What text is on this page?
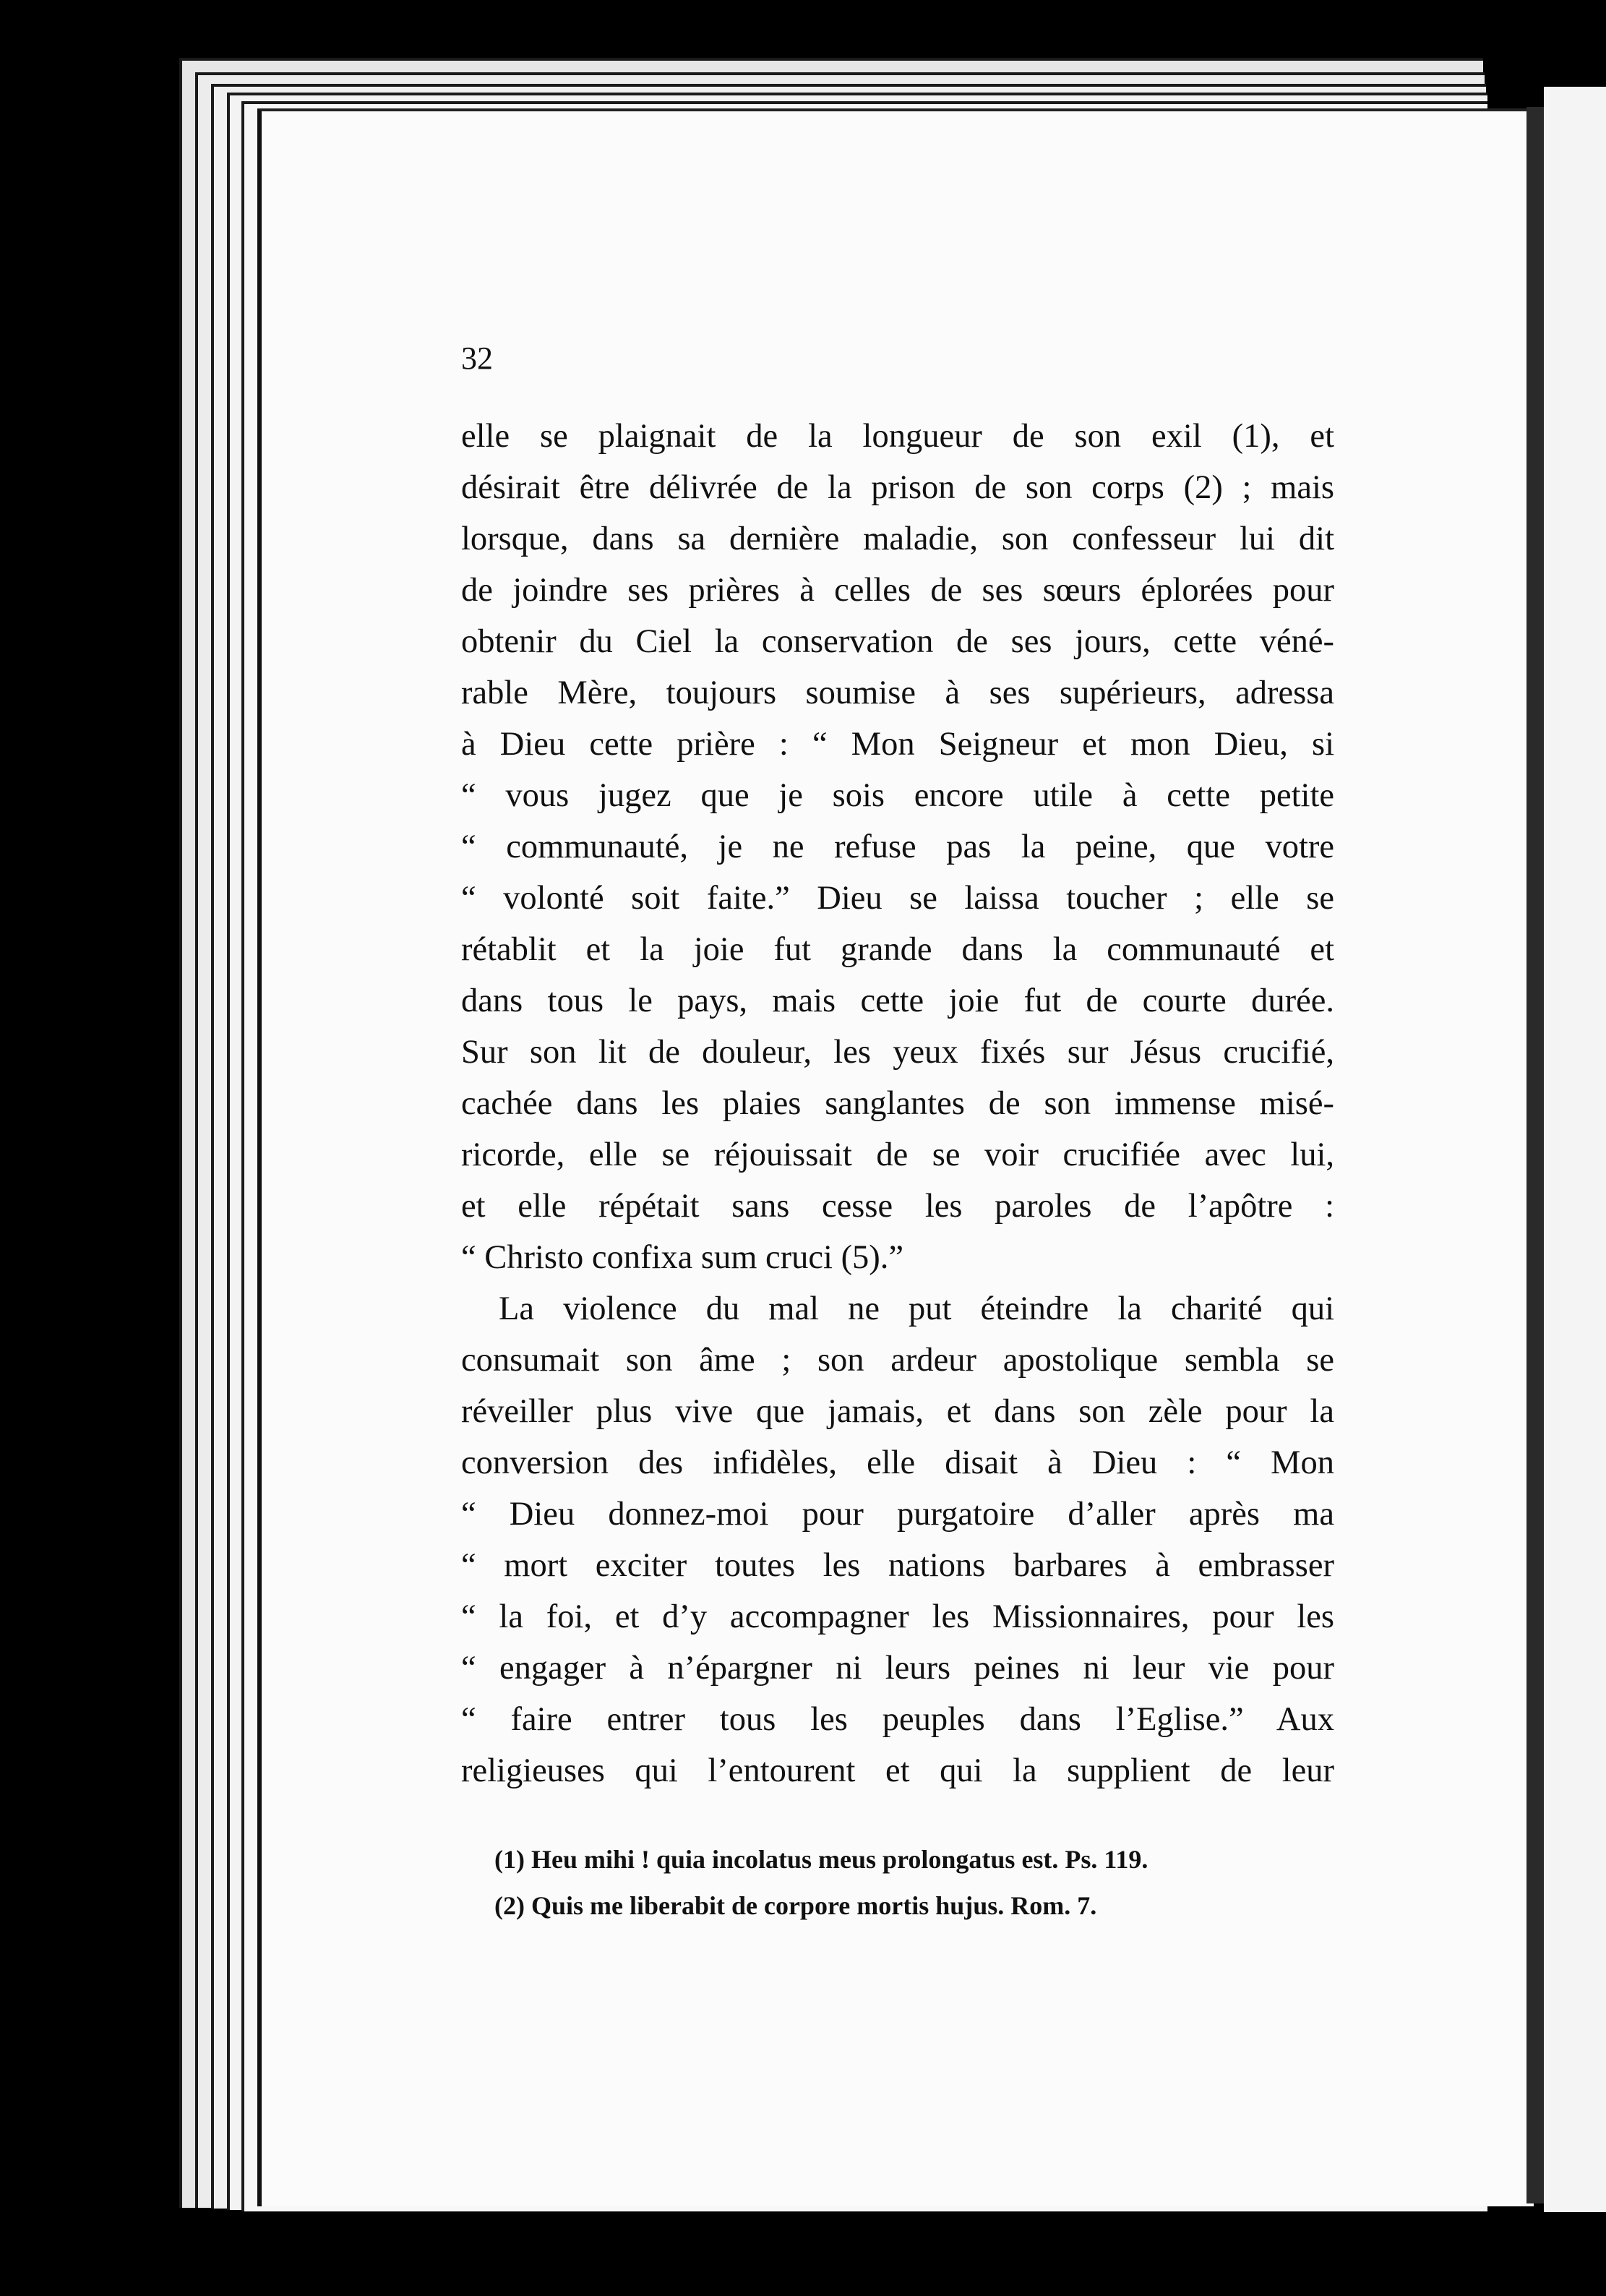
32
elle se plaignait de la longueur de son exil (1), et
désirait être délivrée de la prison de son corps (2) ; mais
lorsque, dans sa dernière maladie, son confesseur lui dit
de joindre ses prières à celles de ses sœurs éplorées pour
obtenir du Ciel la conservation de ses jours, cette véné-
rable Mère, toujours soumise à ses supérieurs, adressa
à Dieu cette prière : “ Mon Seigneur et mon Dieu, si
“ vous jugez que je sois encore utile à cette petite
“ communauté, je ne refuse pas la peine, que votre
“ volonté soit faite.” Dieu se laissa toucher ; elle se
rétablit et la joie fut grande dans la communauté et
dans tous le pays, mais cette joie fut de courte durée.
Sur son lit de douleur, les yeux fixés sur Jésus crucifié,
cachée dans les plaies sanglantes de son immense misé-
ricorde, elle se réjouissait de se voir crucifiée avec lui,
et elle répétait sans cesse les paroles de l’apôtre :
“ Christo confixa sum cruci (5).”
La violence du mal ne put éteindre la charité qui
consumait son âme ; son ardeur apostolique sembla se
réveiller plus vive que jamais, et dans son zèle pour la
conversion des infidèles, elle disait à Dieu : “ Mon
“ Dieu donnez-moi pour purgatoire d’aller après ma
“ mort exciter toutes les nations barbares à embrasser
“ la foi, et d’y accompagner les Missionnaires, pour les
“ engager à n’épargner ni leurs peines ni leur vie pour
“ faire entrer tous les peuples dans l’Eglise.” Aux
religieuses qui l’entourent et qui la supplient de leur
(1) Heu mihi ! quia incolatus meus prolongatus est. Ps. 119.
(2) Quis me liberabit de corpore mortis hujus. Rom. 7.
